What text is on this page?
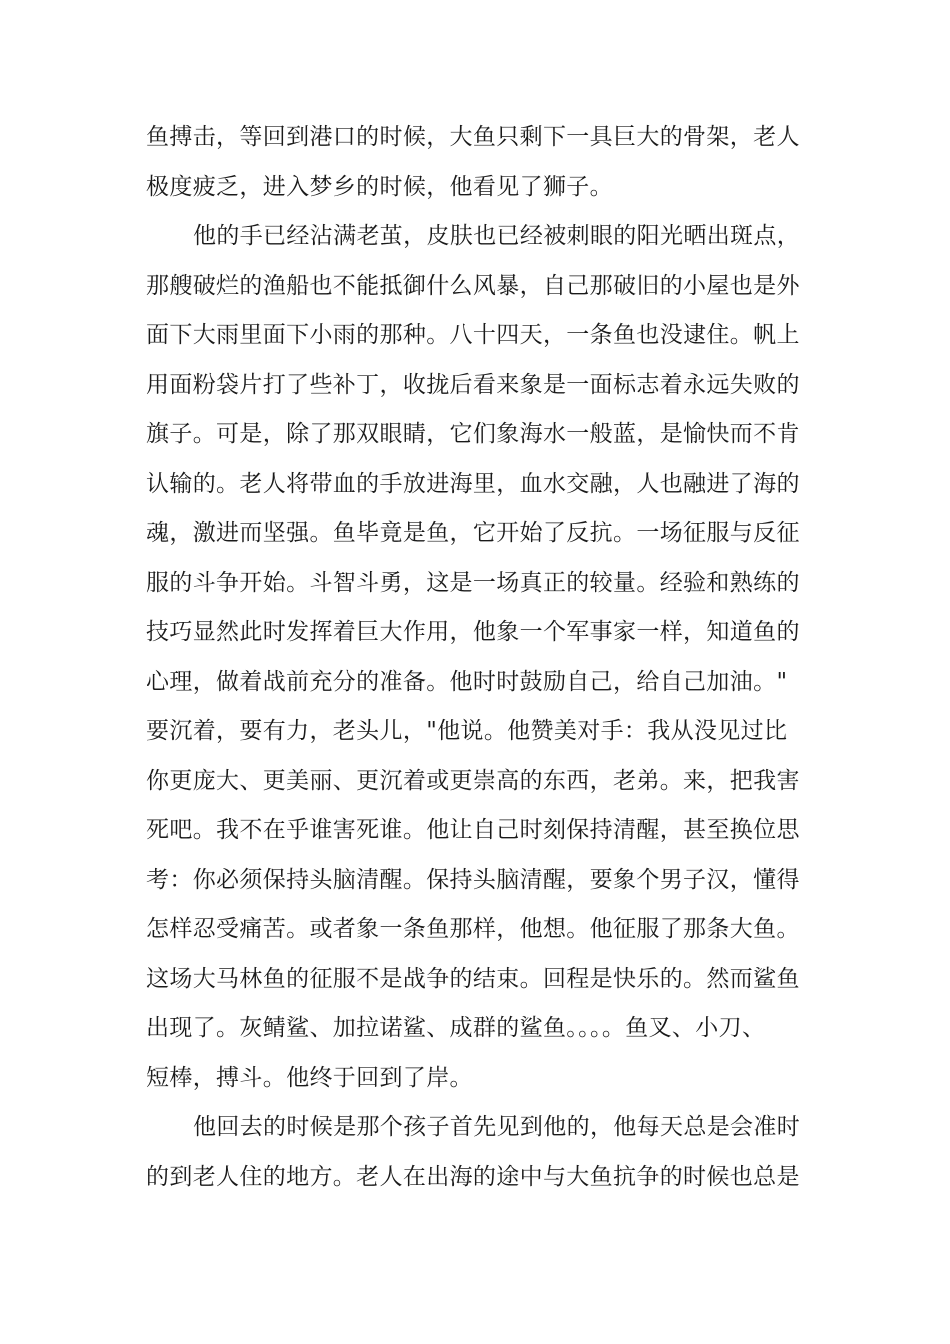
鱼搏击，等回到港口的时候，大鱼只剩下一具巨大的骨架，老人
极度疲乏，进入梦乡的时候，他看见了狮子。
他的手已经沾满老茧，皮肤也已经被刺眼的阳光晒出斑点，
那艘破烂的渔船也不能抵御什么风暴，自己那破旧的小屋也是外
面下大雨里面下小雨的那种。八十四天，一条鱼也没逮住。帆上
用面粉袋片打了些补丁，收拢后看来象是一面标志着永远失败的
旗子。可是，除了那双眼睛，它们象海水一般蓝，是愉快而不肯
认输的。老人将带血的手放进海里，血水交融，人也融进了海的
魂，激进而坚强。鱼毕竟是鱼，它开始了反抗。一场征服与反征
服的斗争开始。斗智斗勇，这是一场真正的较量。经验和熟练的
技巧显然此时发挥着巨大作用，他象一个军事家一样，知道鱼的
心理，做着战前充分的准备。他时时鼓励自己，给自己加油。"
要沉着，要有力，老头儿，"他说。他赞美对手：我从没见过比
你更庞大、更美丽、更沉着或更崇高的东西，老弟。来，把我害
死吧。我不在乎谁害死谁。他让自己时刻保持清醒，甚至换位思
考：你必须保持头脑清醒。保持头脑清醒，要象个男子汉，懂得
怎样忍受痛苦。或者象一条鱼那样，他想。他征服了那条大鱼。
这场大马林鱼的征服不是战争的结束。回程是快乐的。然而鲨鱼
出现了。灰鲭鲨、加拉诺鲨、成群的鲨鱼。。。。鱼叉、小刀、
短棒，搏斗。他终于回到了岸。
他回去的时候是那个孩子首先见到他的，他每天总是会准时
的到老人住的地方。老人在出海的途中与大鱼抗争的时候也总是
